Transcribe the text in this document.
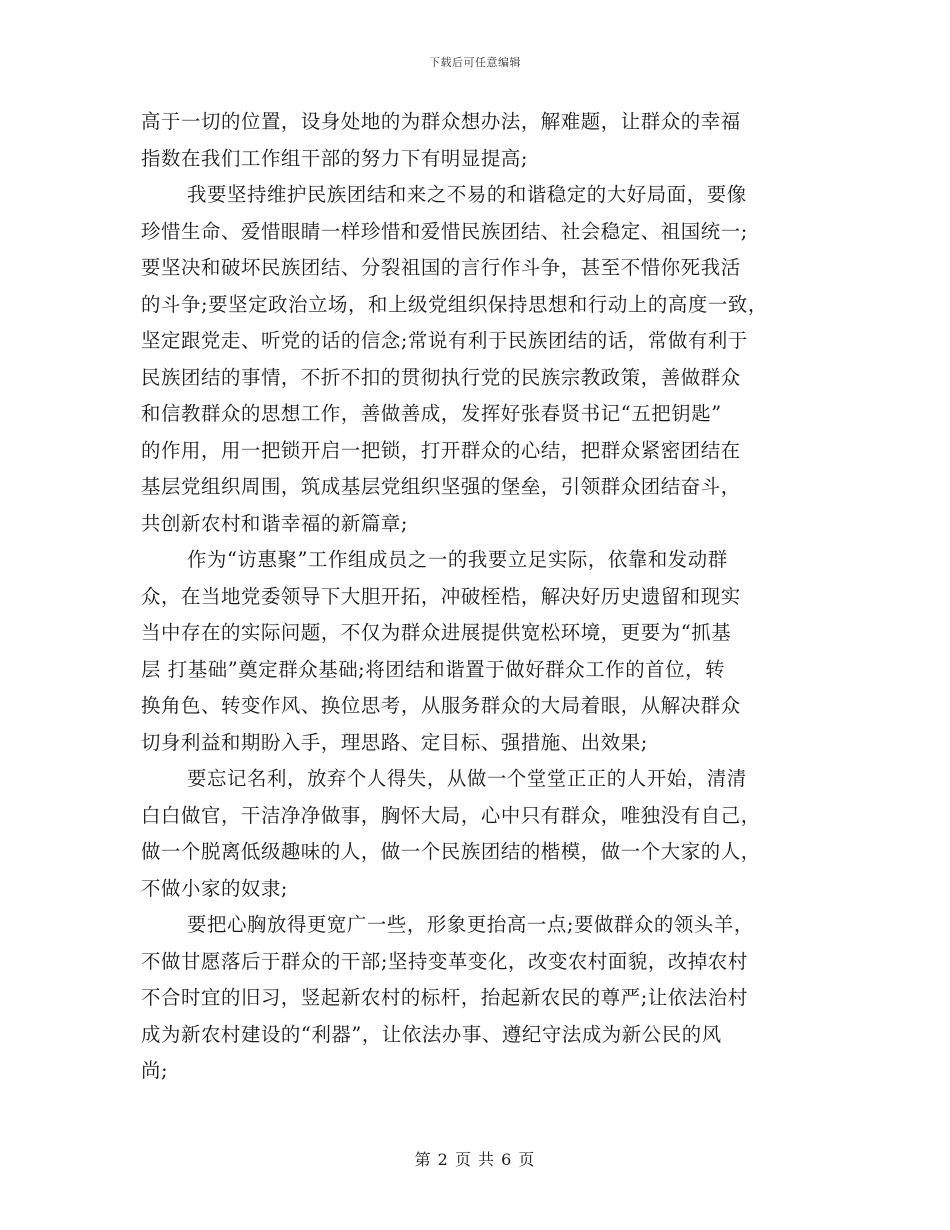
下载后可任意编辑
高于一切的位置，设身处地的为群众想办法，解难题，让群众的幸福
指数在我们工作组干部的努力下有明显提高;
我要坚持维护民族团结和来之不易的和谐稳定的大好局面，要像
珍惜生命、爱惜眼睛一样珍惜和爱惜民族团结、社会稳定、祖国统一;
要坚决和破坏民族团结、分裂祖国的言行作斗争，甚至不惜你死我活
的斗争;要坚定政治立场，和上级党组织保持思想和行动上的高度一致，
坚定跟党走、听党的话的信念;常说有利于民族团结的话，常做有利于
民族团结的事情，不折不扣的贯彻执行党的民族宗教政策，善做群众
和信教群众的思想工作，善做善成，发挥好张春贤书记“五把钥匙”
的作用，用一把锁开启一把锁，打开群众的心结，把群众紧密团结在
基层党组织周围，筑成基层党组织坚强的堡垒，引领群众团结奋斗，
共创新农村和谐幸福的新篇章;
作为“访惠聚”工作组成员之一的我要立足实际，依靠和发动群
众，在当地党委领导下大胆开拓，冲破桎梏，解决好历史遗留和现实
当中存在的实际问题，不仅为群众进展提供宽松环境，更要为“抓基
层 打基础”奠定群众基础;将团结和谐置于做好群众工作的首位，转
换角色、转变作风、换位思考，从服务群众的大局着眼，从解决群众
切身利益和期盼入手，理思路、定目标、强措施、出效果;
要忘记名利，放弃个人得失，从做一个堂堂正正的人开始，清清
白白做官，干洁净净做事，胸怀大局，心中只有群众，唯独没有自己，
做一个脱离低级趣味的人，做一个民族团结的楷模，做一个大家的人，
不做小家的奴隶;
要把心胸放得更宽广一些，形象更抬高一点;要做群众的领头羊，
不做甘愿落后于群众的干部;坚持变革变化，改变农村面貌，改掉农村
不合时宜的旧习，竖起新农村的标杆，抬起新农民的尊严;让依法治村
成为新农村建设的“利器”，让依法办事、遵纪守法成为新公民的风
尚;
第 2 页 共 6 页
